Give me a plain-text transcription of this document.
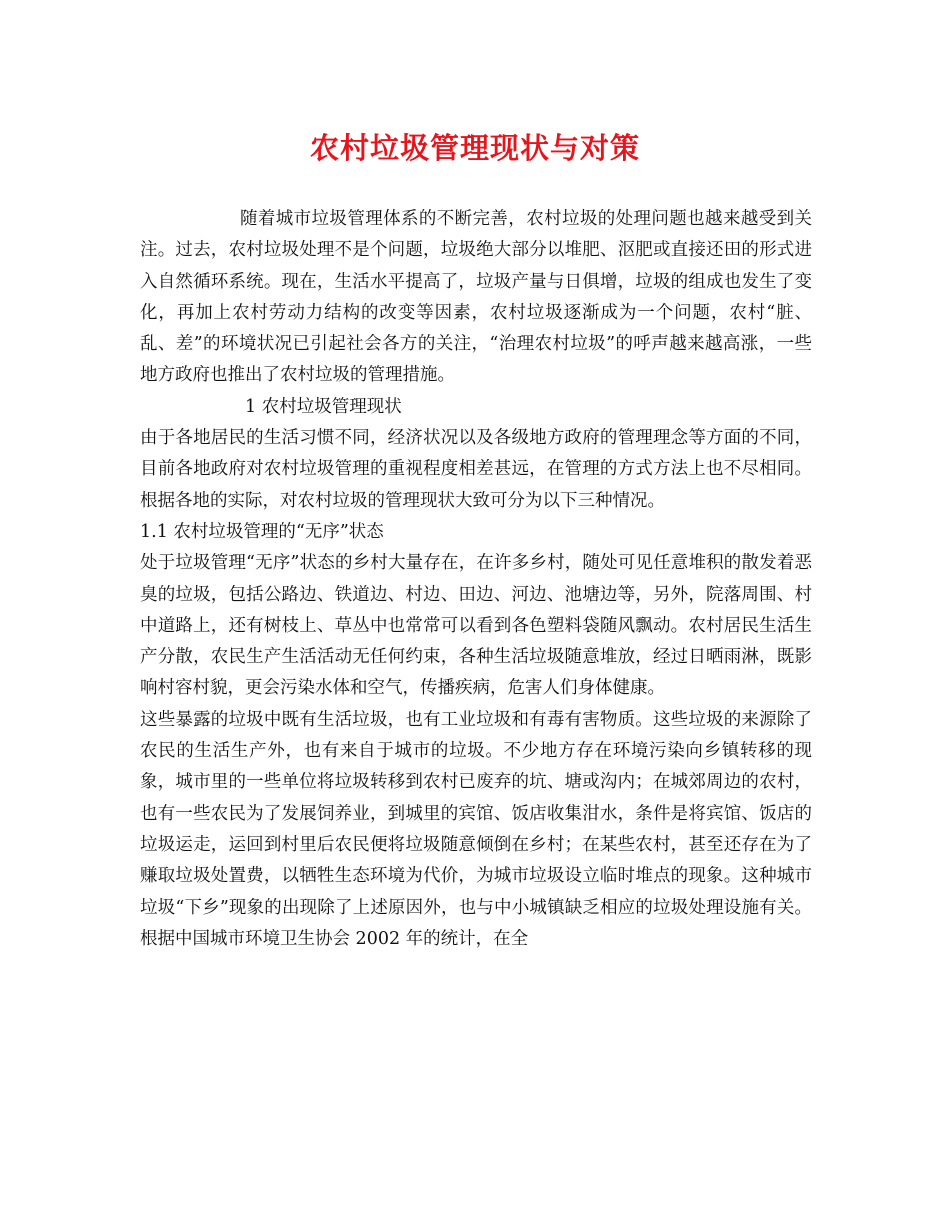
农村垃圾管理现状与对策

随着城市垃圾管理体系的不断完善，农村垃圾的处理问题也越来越受到关注。过去，农村垃圾处理不是个问题，垃圾绝大部分以堆肥、沤肥或直接还田的形式进入自然循环系统。现在，生活水平提高了，垃圾产量与日俱增，垃圾的组成也发生了变化，再加上农村劳动力结构的改变等因素，农村垃圾逐渐成为一个问题，农村“脏、乱、差”的环境状况已引起社会各方的关注，“治理农村垃圾”的呼声越来越高涨，一些地方政府也推出了农村垃圾的管理措施。

1 农村垃圾管理现状

由于各地居民的生活习惯不同，经济状况以及各级地方政府的管理理念等方面的不同，目前各地政府对农村垃圾管理的重视程度相差甚远，在管理的方式方法上也不尽相同。根据各地的实际，对农村垃圾的管理现状大致可分为以下三种情况。

1.1 农村垃圾管理的“无序”状态

处于垃圾管理“无序”状态的乡村大量存在，在许多乡村，随处可见任意堆积的散发着恶臭的垃圾，包括公路边、铁道边、村边、田边、河边、池塘边等，另外，院落周围、村中道路上，还有树枝上、草丛中也常常可以看到各色塑料袋随风飘动。农村居民生活生产分散，农民生产生活活动无任何约束，各种生活垃圾随意堆放，经过日晒雨淋，既影响村容村貌，更会污染水体和空气，传播疾病，危害人们身体健康。

这些暴露的垃圾中既有生活垃圾，也有工业垃圾和有毒有害物质。这些垃圾的来源除了农民的生活生产外，也有来自于城市的垃圾。不少地方存在环境污染向乡镇转移的现象，城市里的一些单位将垃圾转移到农村已废弃的坑、塘或沟内；在城郊周边的农村，也有一些农民为了发展饲养业，到城里的宾馆、饭店收集泔水，条件是将宾馆、饭店的垃圾运走，运回到村里后农民便将垃圾随意倾倒在乡村；在某些农村，甚至还存在为了赚取垃圾处置费，以牺牲生态环境为代价，为城市垃圾设立临时堆点的现象。这种城市垃圾“下乡”现象的出现除了上述原因外，也与中小城镇缺乏相应的垃圾处理设施有关。根据中国城市环境卫生协会 2002 年的统计，在全
